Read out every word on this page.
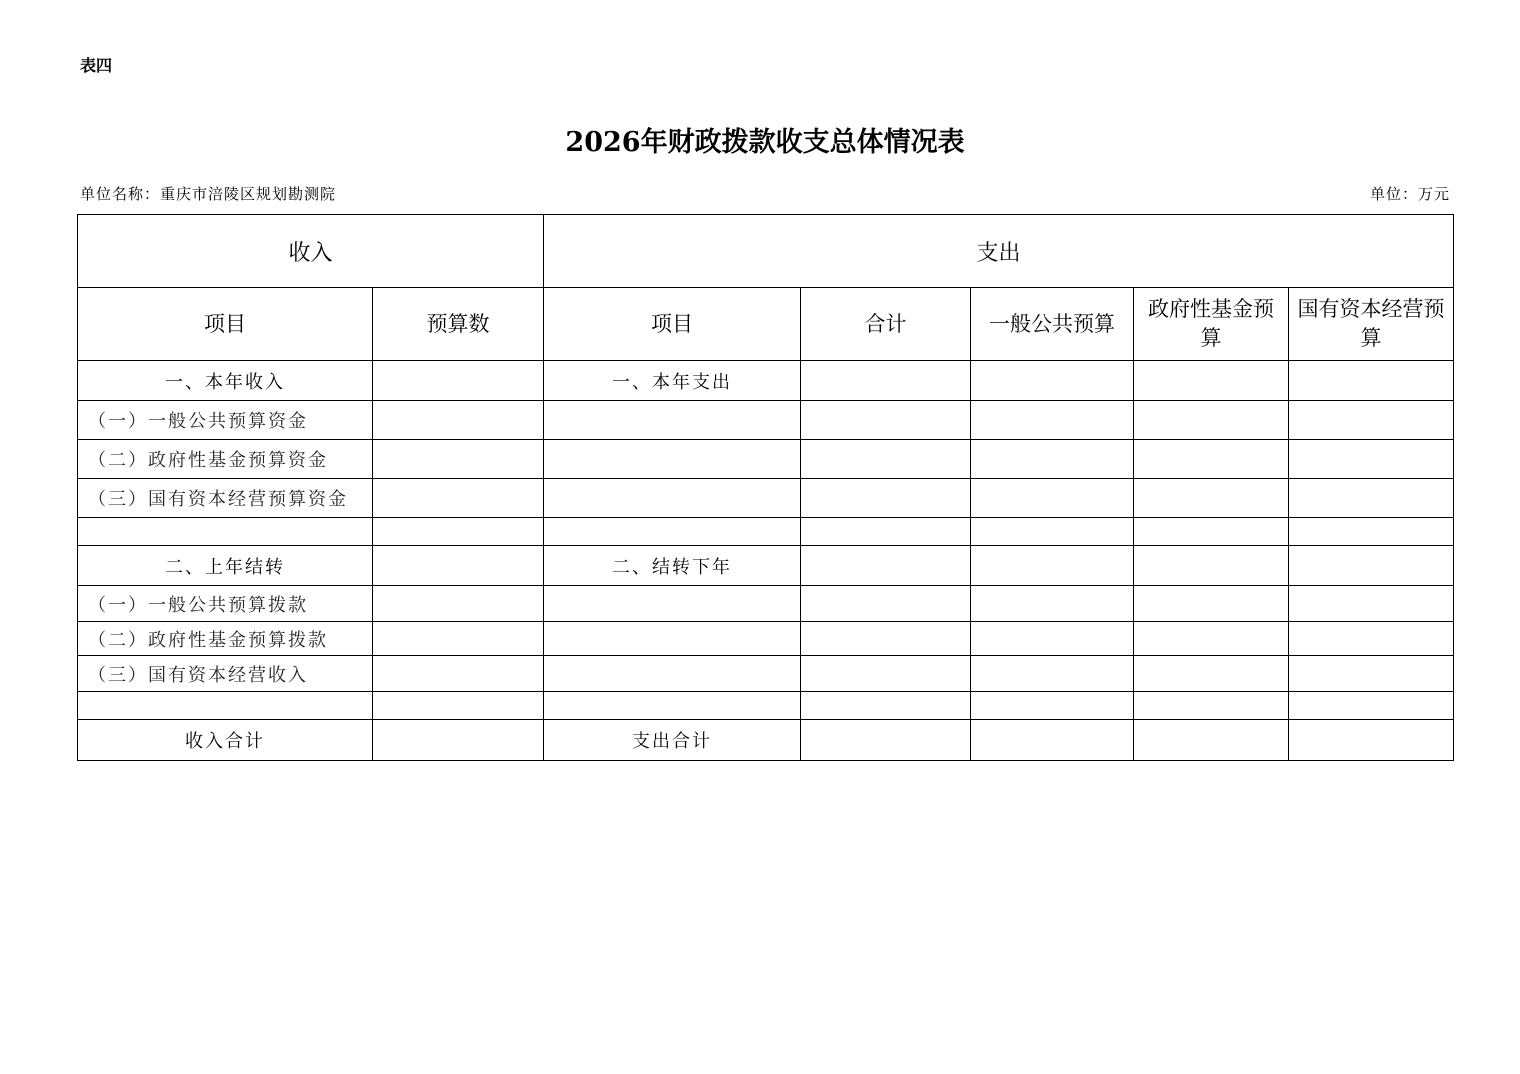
表四
2026年财政拨款收支总体情况表
单位名称：重庆市涪陵区规划勘测院	单位：万元
收入		支出				
项目	预算数	项目	合计	一般公共预算	政府性基金预算	国有资本经营预算
一、本年收入		一、本年支出				
（一）一般公共预算资金						
（二）政府性基金预算资金						
（三）国有资本经营预算资金						

二、上年结转		二、结转下年				
（一）一般公共预算拨款						
（二）政府性基金预算拨款						
（三）国有资本经营收入						

收入合计		支出合计				
